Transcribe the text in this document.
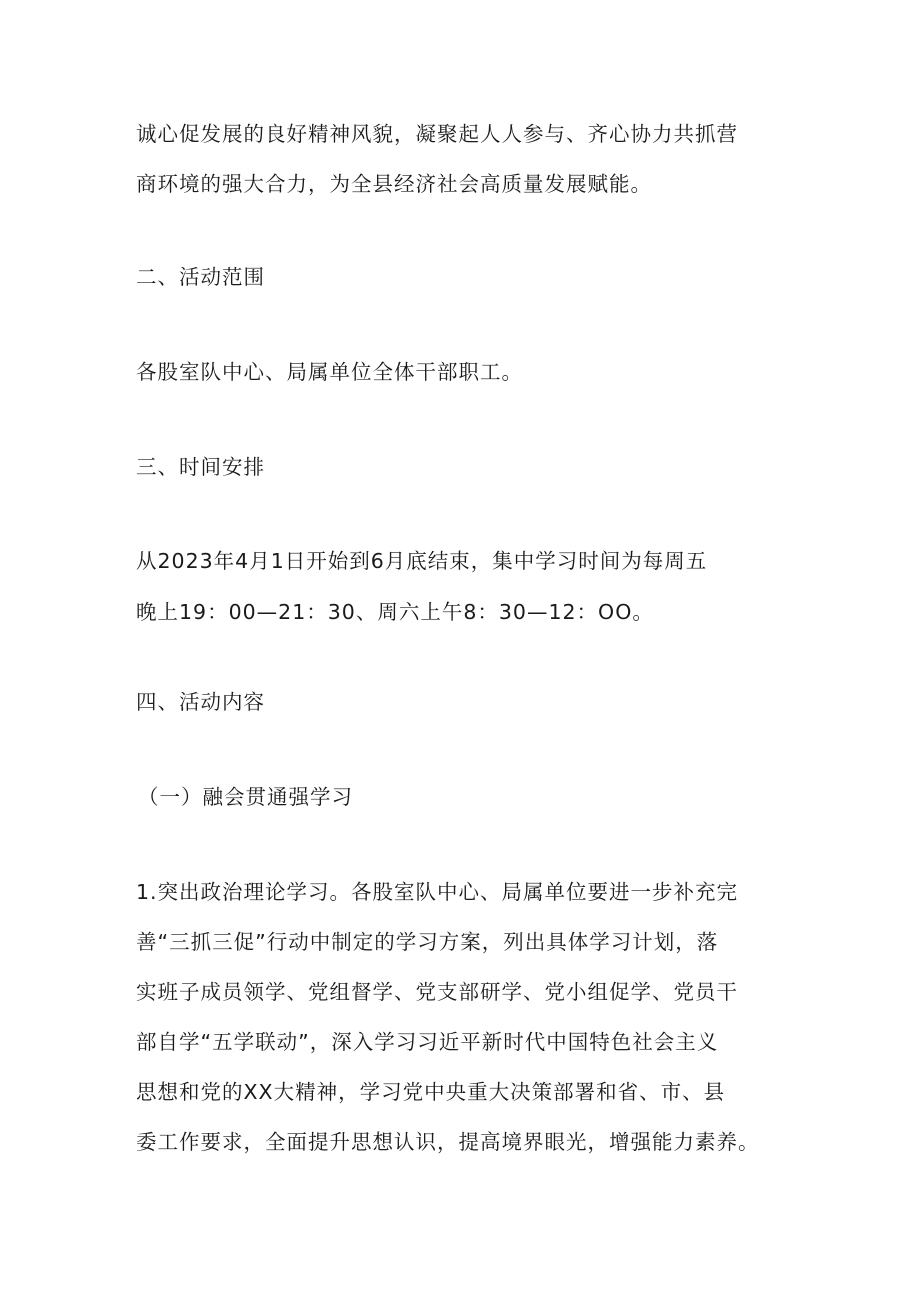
诚心促发展的良好精神风貌，凝聚起人人参与、齐心协力共抓营

商环境的强大合力，为全县经济社会高质量发展赋能。

二、活动范围

各股室队中心、局属单位全体干部职工。

三、时间安排

从2023年4月1日开始到6月底结束，集中学习时间为每周五

晚上19：00—21：30、周六上午8：30—12：OO。

四、活动内容

（一）融会贯通强学习

1.突出政治理论学习。各股室队中心、局属单位要进一步补充完

善“三抓三促”行动中制定的学习方案，列出具体学习计划，落

实班子成员领学、党组督学、党支部研学、党小组促学、党员干

部自学“五学联动”，深入学习习近平新时代中国特色社会主义

思想和党的XX大精神，学习党中央重大决策部署和省、市、县

委工作要求，全面提升思想认识，提高境界眼光，增强能力素养。
